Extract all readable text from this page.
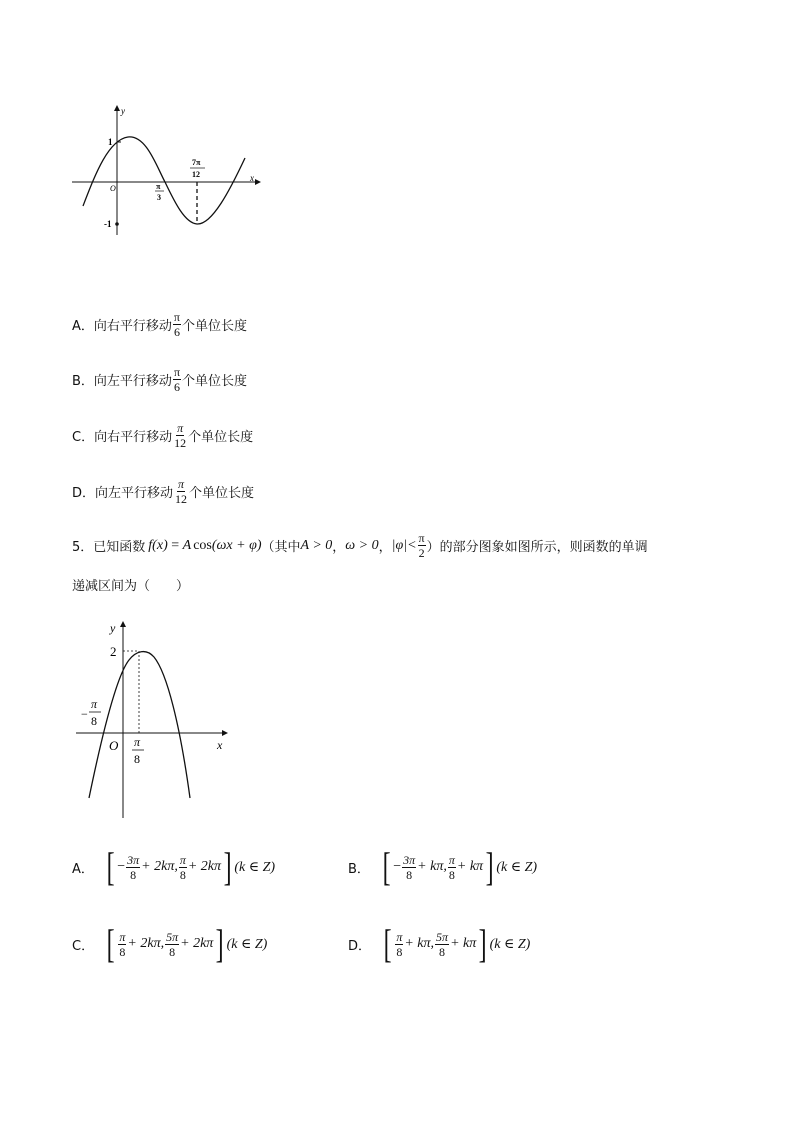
y
x
O
1
-1
π
3
7π
12
A． 向右平行移动 $\frac{\pi}{6}$ 个单位长度
B． 向左平行移动 $\frac{\pi}{6}$ 个单位长度
C． 向右平行移动 $\frac{\pi}{12}$ 个单位长度
D． 向左平行移动 $\frac{\pi}{12}$ 个单位长度
5． 已知函数 f(x) = A cos (ωx + φ) （其中 A > 0 ， ω > 0 ， $|\varphi|< \frac{\pi}{2}$ ）的部分图象如图所示，则函数的单调
递减区间为（　　）
y
x
O
2
−
π
8
π
8
A． [ − $\frac{3\pi}{8} + 2k\pi$, $\frac{\pi}{8} + 2k\pi$ ] (k ∈ Z)	B． [ − $\frac{3\pi}{8} + k\pi$, $\frac{\pi}{8} + k\pi$ ] (k ∈ Z)
C． [ $\frac{\pi}{8} + 2k\pi$, $\frac{5\pi}{8} + 2k\pi$ ] (k ∈ Z)	D． [ $\frac{\pi}{8} + k\pi$, $\frac{5\pi}{8} + k\pi$ ] (k ∈ Z)
